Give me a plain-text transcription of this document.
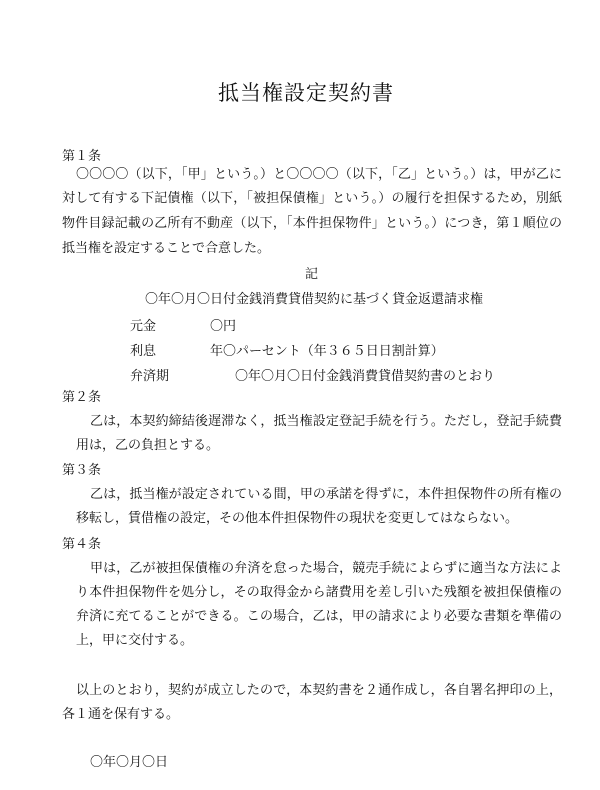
抵当権設定契約書
第１条
〇〇〇〇（以下，「甲」という。）と〇〇〇〇（以下，「乙」という。）は，甲が乙に
対して有する下記債権（以下，「被担保債権」という。）の履行を担保するため，別紙
物件目録記載の乙所有不動産（以下，「本件担保物件」という。）につき，第１順位の
抵当権を設定することで合意した。
記
〇年〇月〇日付金銭消費貸借契約に基づく貸金返還請求権
元金	〇円
利息	年〇パーセント（年３６５日日割計算）
弁済期	〇年〇月〇日付金銭消費貸借契約書のとおり
第２条
乙は，本契約締結後遅滞なく，抵当権設定登記手続を行う。ただし，登記手続費
用は，乙の負担とする。
第３条
乙は，抵当権が設定されている間，甲の承諾を得ずに，本件担保物件の所有権の
移転し，賃借権の設定，その他本件担保物件の現状を変更してはならない。
第４条
甲は，乙が被担保債権の弁済を怠った場合，競売手続によらずに適当な方法によ
り本件担保物件を処分し，その取得金から諸費用を差し引いた残額を被担保債権の
弁済に充てることができる。この場合，乙は，甲の請求により必要な書類を準備の
上，甲に交付する。
以上のとおり，契約が成立したので，本契約書を２通作成し，各自署名押印の上，
各１通を保有する。
〇年〇月〇日
